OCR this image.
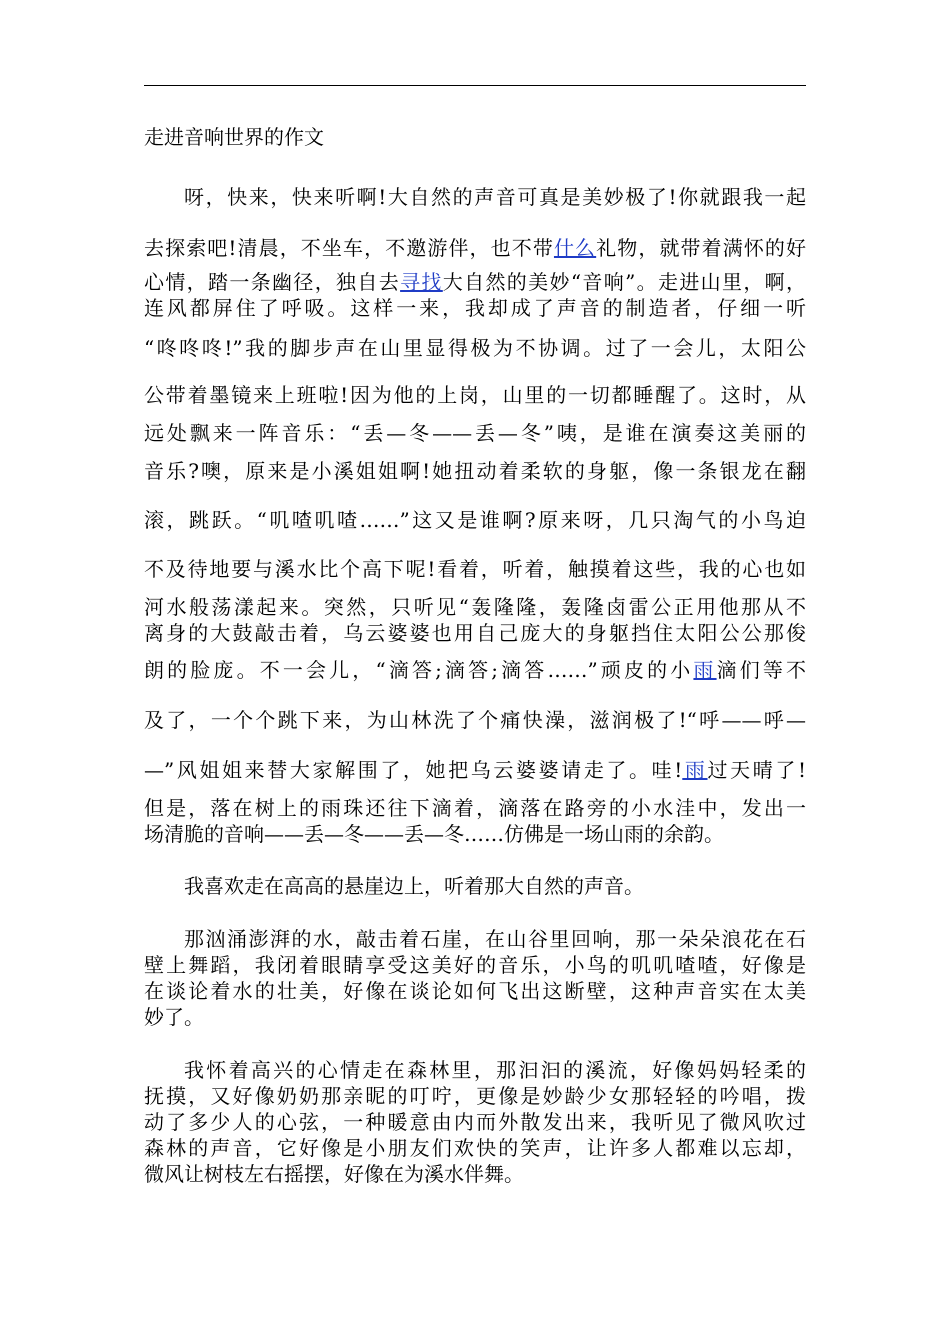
走进音响世界的作文
呀，快来，快来听啊!大自然的声音可真是美妙极了!你就跟我一起
去探索吧!清晨，不坐车，不邀游伴，也不带什么礼物，就带着满怀的好
心情，踏一条幽径，独自去寻找大自然的美妙“音响”。走进山里，啊，
连风都屏住了呼吸。这样一来，我却成了声音的制造者，仔细一听
“咚咚咚!”我的脚步声在山里显得极为不协调。过了一会儿，太阳公
公带着墨镜来上班啦!因为他的上岗，山里的一切都睡醒了。这时，从
远处飘来一阵音乐：“丢—冬——丢—冬”咦，是谁在演奏这美丽的
音乐?噢，原来是小溪姐姐啊!她扭动着柔软的身躯，像一条银龙在翻
滚，跳跃。“叽喳叽喳……”这又是谁啊?原来呀，几只淘气的小鸟迫
不及待地要与溪水比个高下呢!看着，听着，触摸着这些，我的心也如
河水般荡漾起来。突然，只听见“轰隆隆，轰隆卤雷公正用他那从不
离身的大鼓敲击着，乌云婆婆也用自己庞大的身躯挡住太阳公公那俊
朗的脸庞。不一会儿，“滴答;滴答;滴答……”顽皮的小雨滴们等不
及了，一个个跳下来，为山林洗了个痛快澡，滋润极了!“呼——呼—
—”风姐姐来替大家解围了，她把乌云婆婆请走了。哇!雨过天晴了!
但是，落在树上的雨珠还往下滴着，滴落在路旁的小水洼中，发出一
场清脆的音响——丢—冬——丢—冬……仿佛是一场山雨的余韵。
我喜欢走在高高的悬崖边上，听着那大自然的声音。
那汹涌澎湃的水，敲击着石崖，在山谷里回响，那一朵朵浪花在石
壁上舞蹈，我闭着眼睛享受这美好的音乐，小鸟的叽叽喳喳，好像是
在谈论着水的壮美，好像在谈论如何飞出这断壁，这种声音实在太美
妙了。
我怀着高兴的心情走在森林里，那汩汩的溪流，好像妈妈轻柔的
抚摸，又好像奶奶那亲昵的叮咛，更像是妙龄少女那轻轻的吟唱，拨
动了多少人的心弦，一种暖意由内而外散发出来，我听见了微风吹过
森林的声音，它好像是小朋友们欢快的笑声，让许多人都难以忘却，
微风让树枝左右摇摆，好像在为溪水伴舞。
